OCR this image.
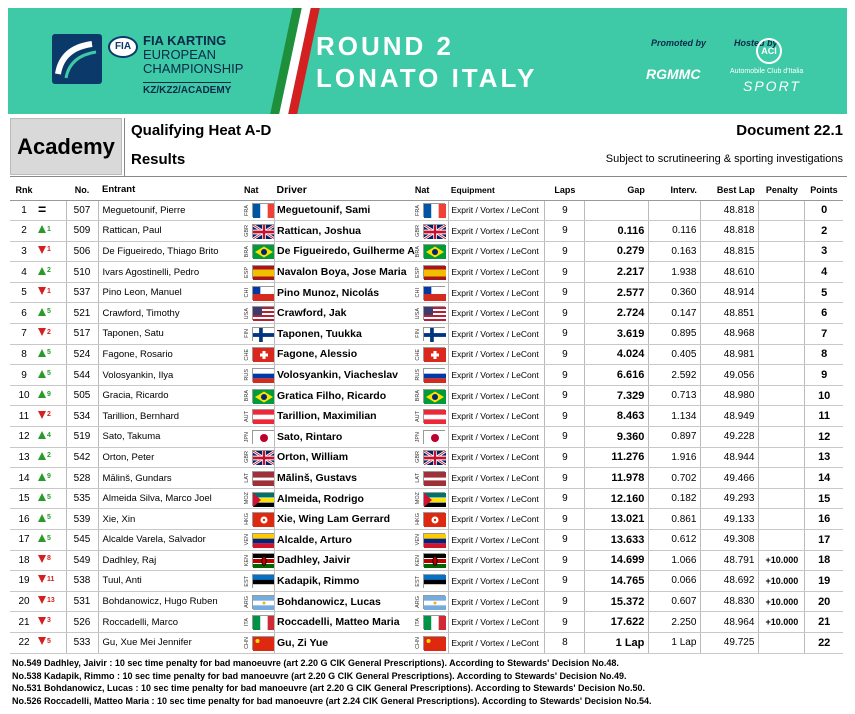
FIA FIA KARTING
EUROPEAN
CHAMPIONSHIP
KZ/KZ2/ACADEMY
ROUND 2
LONATO ITALY
Promoted by
RGMMC
Hosted by
ACI
Automobile Club d'Italia
SPORT
Academy
Qualifying Heat A-D
Results
Document 22.1
Subject to scrutineering & sporting investigations
Rnk		No.	Entrant	Nat	Driver	Nat	Equipment	Laps	Gap	Interv.	Best Lap	Penalty	Points
1	=	507	Meguetounif, Pierre	FRA	Meguetounif, Sami	FRA	Exprit / Vortex / LeCont	9			48.818		0
2	1	509	Rattican, Paul	GBR	Rattican, Joshua	GBR	Exprit / Vortex / LeCont	9	0.116	0.116	48.818		2
3	1	506	De Figueiredo, Thiago Brito	BRA	De Figueiredo, Guilherme A	BRA	Exprit / Vortex / LeCont	9	0.279	0.163	48.815		3
4	2	510	Ivars Agostinelli, Pedro	ESP	Navalon Boya, Jose Maria	ESP	Exprit / Vortex / LeCont	9	2.217	1.938	48.610		4
5	1	537	Pino Leon, Manuel	CHI	Pino Munoz, Nicolás	CHI	Exprit / Vortex / LeCont	9	2.577	0.360	48.914		5
6	5	521	Crawford, Timothy	USA	Crawford, Jak	USA	Exprit / Vortex / LeCont	9	2.724	0.147	48.851		6
7	2	517	Taponen, Satu	FIN	Taponen, Tuukka	FIN	Exprit / Vortex / LeCont	9	3.619	0.895	48.968		7
8	5	524	Fagone, Rosario	CHE	Fagone, Alessio	CHE	Exprit / Vortex / LeCont	9	4.024	0.405	48.981		8
9	5	544	Volosyankin, Ilya	RUS	Volosyankin, Viacheslav	RUS	Exprit / Vortex / LeCont	9	6.616	2.592	49.056		9
10	9	505	Gracia, Ricardo	BRA	Gratica Filho, Ricardo	BRA	Exprit / Vortex / LeCont	9	7.329	0.713	48.980		10
11	2	534	Tarillion, Bernhard	AUT	Tarillion, Maximilian	AUT	Exprit / Vortex / LeCont	9	8.463	1.134	48.949		11
12	4	519	Sato, Takuma	JPN	Sato, Rintaro	JPN	Exprit / Vortex / LeCont	9	9.360	0.897	49.228		12
13	2	542	Orton, Peter	GBR	Orton, William	GBR	Exprit / Vortex / LeCont	9	11.276	1.916	48.944		13
14	9	528	Mālinš, Gundars	LAT	Mālinš, Gustavs	LAT	Exprit / Vortex / LeCont	9	11.978	0.702	49.466		14
15	5	535	Almeida Silva, Marco Joel	MOZ	Almeida, Rodrigo	MOZ	Exprit / Vortex / LeCont	9	12.160	0.182	49.293		15
16	5	539	Xie, Xin	HKG	Xie, Wing Lam Gerrard	HKG	Exprit / Vortex / LeCont	9	13.021	0.861	49.133		16
17	5	545	Alcalde Varela, Salvador	VEN	Alcalde, Arturo	VEN	Exprit / Vortex / LeCont	9	13.633	0.612	49.308		17
18	8	549	Dadhley, Raj	KEN	Dadhley, Jaivir	KEN	Exprit / Vortex / LeCont	9	14.699	1.066	48.791	+10.000	18
19	11	538	Tuul, Anti	EST	Kadapik, Rimmo	EST	Exprit / Vortex / LeCont	9	14.765	0.066	48.692	+10.000	19
20	13	531	Bohdanowicz, Hugo Ruben	ARG	Bohdanowicz, Lucas	ARG	Exprit / Vortex / LeCont	9	15.372	0.607	48.830	+10.000	20
21	3	526	Roccadelli, Marco	ITA	Roccadelli, Matteo Maria	ITA	Exprit / Vortex / LeCont	9	17.622	2.250	48.964	+10.000	21
22	5	533	Gu, Xue Mei Jennifer	CHN	Gu, Zi Yue	CHN	Exprit / Vortex / LeCont	8	1 Lap	1 Lap	49.725		22
No.549 Dadhley, Jaivir : 10 sec time penalty for bad manoeuvre (art 2.20 G CIK General Prescriptions). According to Stewards' Decision No.48.
No.538 Kadapik, Rimmo : 10 sec time penalty for bad manoeuvre (art 2.20 G CIK General Prescriptions). According to Stewards' Decision No.49.
No.531 Bohdanowicz, Lucas : 10 sec time penalty for bad manoeuvre (art 2.20 G CIK General Prescriptions). According to Stewards' Decision No.50.
No.526 Roccadelli, Matteo Maria : 10 sec time penalty for bad manoeuvre (art 2.24 CIK General Prescriptions). According to Stewards' Decision No.54.
